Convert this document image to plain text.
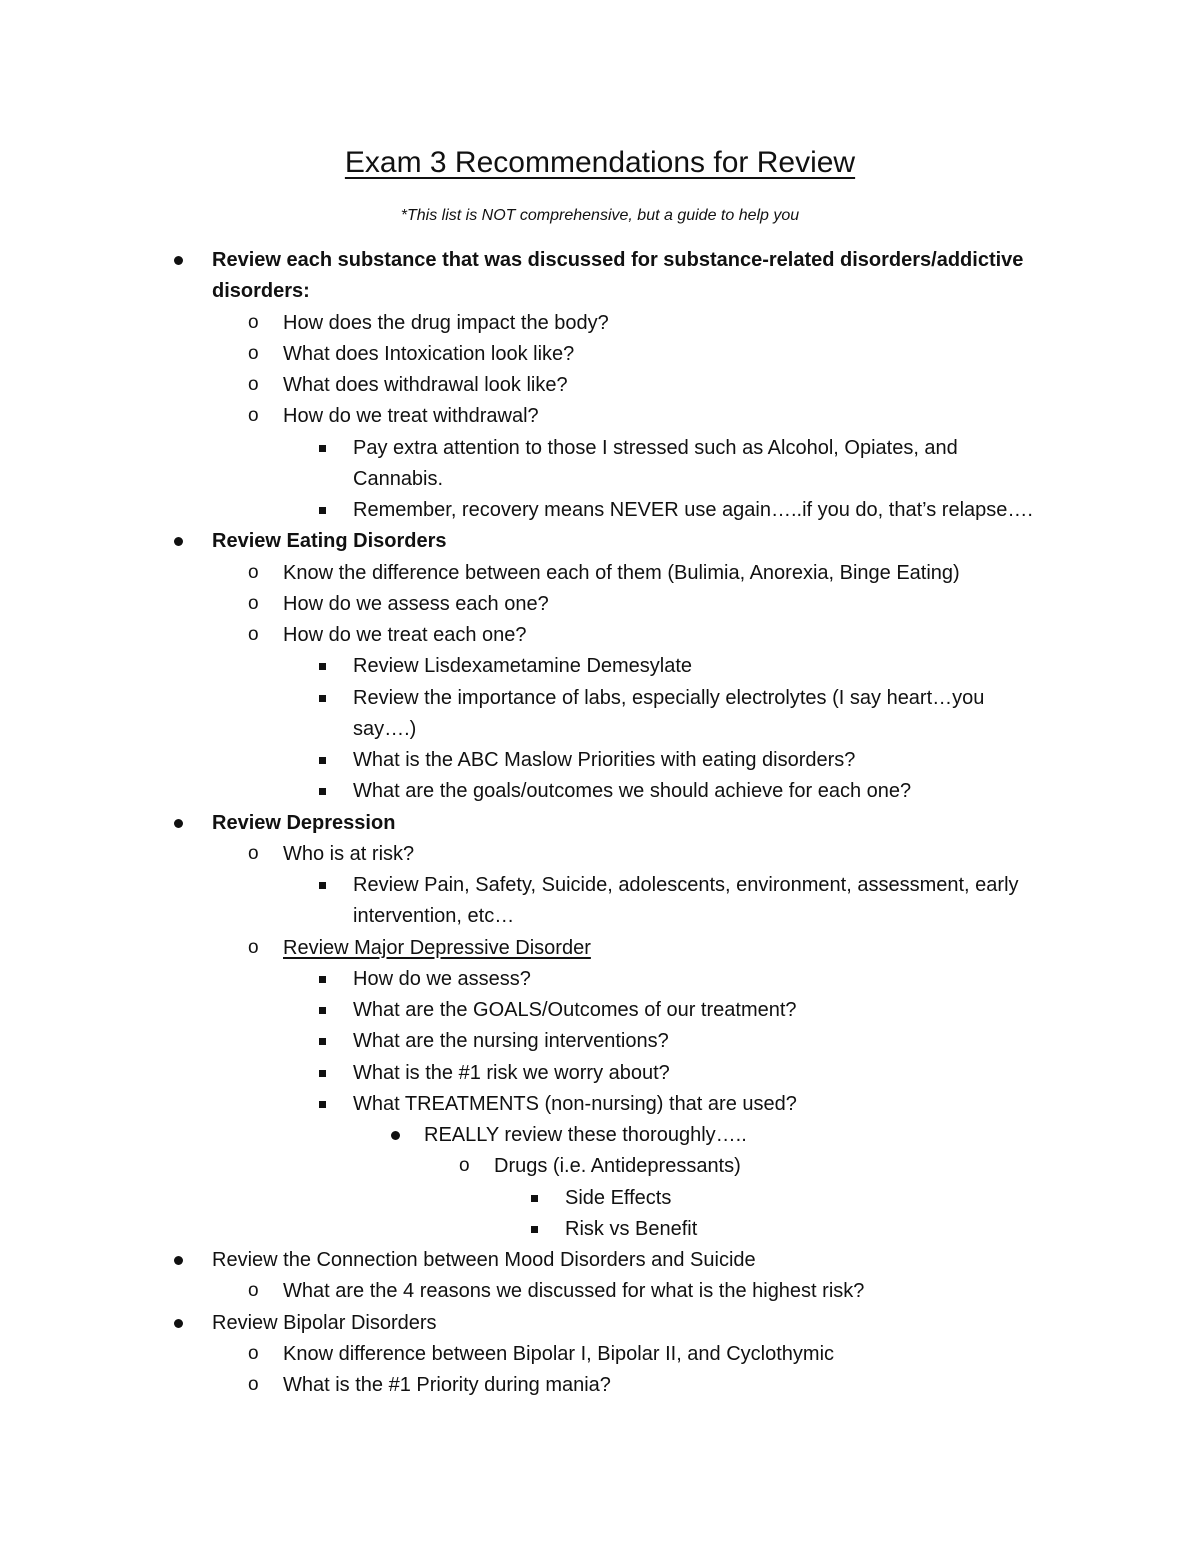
Exam 3 Recommendations for Review
*This list is NOT comprehensive, but a guide to help you
Review each substance that was discussed for substance-related disorders/addictive
disorders:
o How does the drug impact the body?
o What does Intoxication look like?
o What does withdrawal look like?
o How do we treat withdrawal?
Pay extra attention to those I stressed such as Alcohol, Opiates, and
Cannabis.
Remember, recovery means NEVER use again…..if you do, that’s relapse….
Review Eating Disorders
o Know the difference between each of them (Bulimia, Anorexia, Binge Eating)
o How do we assess each one?
o How do we treat each one?
Review Lisdexametamine Demesylate
Review the importance of labs, especially electrolytes (I say heart…you
say….)
What is the ABC Maslow Priorities with eating disorders?
What are the goals/outcomes we should achieve for each one?
Review Depression
o Who is at risk?
Review Pain, Safety, Suicide, adolescents, environment, assessment, early
intervention, etc…
o Review Major Depressive Disorder
How do we assess?
What are the GOALS/Outcomes of our treatment?
What are the nursing interventions?
What is the #1 risk we worry about?
What TREATMENTS (non-nursing) that are used?
REALLY review these thoroughly…..
o Drugs (i.e. Antidepressants)
Side Effects
Risk vs Benefit
Review the Connection between Mood Disorders and Suicide
o What are the 4 reasons we discussed for what is the highest risk?
Review Bipolar Disorders
o Know difference between Bipolar I, Bipolar II, and Cyclothymic
o What is the #1 Priority during mania?
